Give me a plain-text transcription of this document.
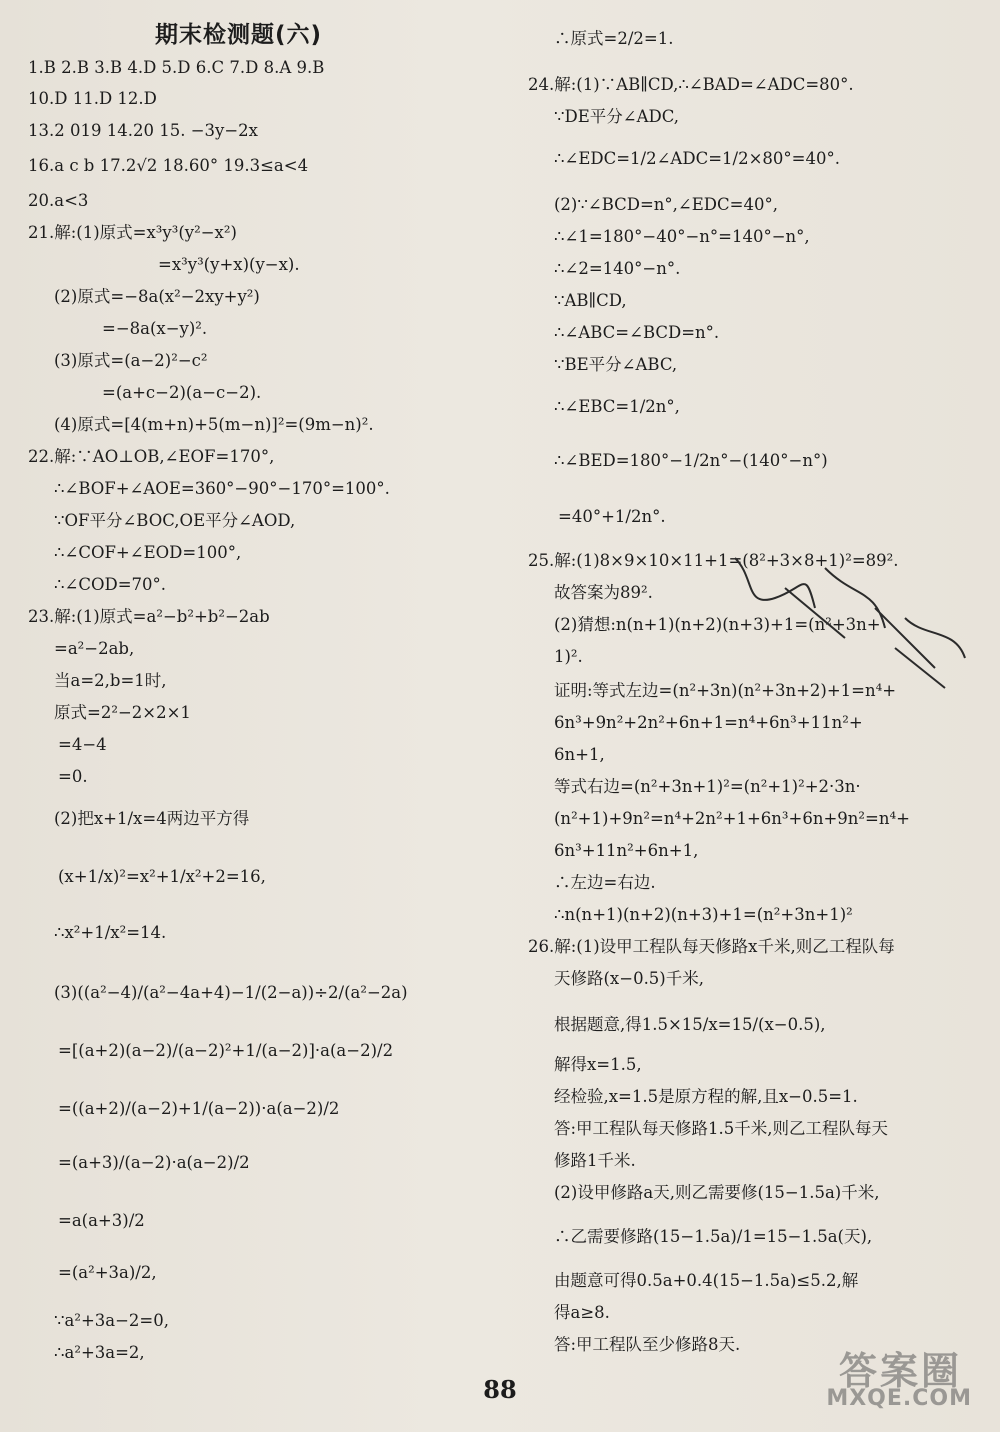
期末检测题(六)
1.B 2.B 3.B 4.D 5.D 6.C 7.D 8.A 9.B
10.D 11.D 12.D
13.2 019 14.20 15. −3y−2x
16.a c b 17.2√2 18.60° 19.3≤a<4
20.a<3
21.解:(1)原式=x³y³(y²−x²)
=x³y³(y+x)(y−x).
(2)原式=−8a(x²−2xy+y²)
=−8a(x−y)².
(3)原式=(a−2)²−c²
=(a+c−2)(a−c−2).
(4)原式=[4(m+n)+5(m−n)]²=(9m−n)².
22.解:∵AO⊥OB,∠EOF=170°,
∴∠BOF+∠AOE=360°−90°−170°=100°.
∵OF平分∠BOC,OE平分∠AOD,
∴∠COF+∠EOD=100°,
∴∠COD=70°.
23.解:(1)原式=a²−b²+b²−2ab
=a²−2ab,
当a=2,b=1时,
原式=2²−2×2×1
=4−4
=0.
(2)把x+1/x=4两边平方得
(x+1/x)²=x²+1/x²+2=16,
∴x²+1/x²=14.
(3)((a²−4)/(a²−4a+4)−1/(2−a))÷2/(a²−2a)
=[(a+2)(a−2)/(a−2)²+1/(a−2)]·a(a−2)/2
=((a+2)/(a−2)+1/(a−2))·a(a−2)/2
=(a+3)/(a−2)·a(a−2)/2
=a(a+3)/2
=(a²+3a)/2,
∵a²+3a−2=0,
∴a²+3a=2,
∴原式=2/2=1.
24.解:(1)∵AB∥CD,∴∠BAD=∠ADC=80°.
∵DE平分∠ADC,
∴∠EDC=1/2∠ADC=1/2×80°=40°.
(2)∵∠BCD=n°,∠EDC=40°,
∴∠1=180°−40°−n°=140°−n°,
∴∠2=140°−n°.
∵AB∥CD,
∴∠ABC=∠BCD=n°.
∵BE平分∠ABC,
∴∠EBC=1/2n°,
∴∠BED=180°−1/2n°−(140°−n°)
=40°+1/2n°.
25.解:(1)8×9×10×11+1=(8²+3×8+1)²=89².
故答案为89².
(2)猜想:n(n+1)(n+2)(n+3)+1=(n²+3n+
1)².
证明:等式左边=(n²+3n)(n²+3n+2)+1=n⁴+
6n³+9n²+2n²+6n+1=n⁴+6n³+11n²+
6n+1,
等式右边=(n²+3n+1)²=(n²+1)²+2·3n·
(n²+1)+9n²=n⁴+2n²+1+6n³+6n+9n²=n⁴+
6n³+11n²+6n+1,
∴左边=右边.
∴n(n+1)(n+2)(n+3)+1=(n²+3n+1)²
26.解:(1)设甲工程队每天修路x千米,则乙工程队每
天修路(x−0.5)千米,
根据题意,得1.5×15/x=15/(x−0.5),
解得x=1.5,
经检验,x=1.5是原方程的解,且x−0.5=1.
答:甲工程队每天修路1.5千米,则乙工程队每天
修路1千米.
(2)设甲修路a天,则乙需要修(15−1.5a)千米,
∴乙需要修路(15−1.5a)/1=15−1.5a(天),
由题意可得0.5a+0.4(15−1.5a)≤5.2,解
得a≥8.
答:甲工程队至少修路8天.
88	答案圈
MXQE.COM
